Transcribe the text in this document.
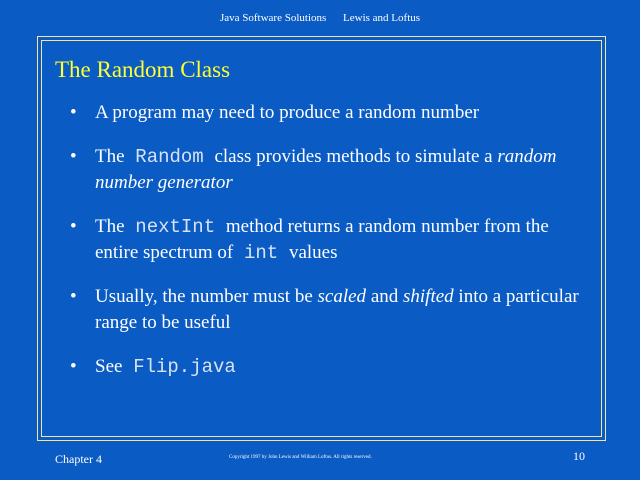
Java Software Solutions Lewis and Loftus
The Random Class
• A program may need to produce a random number
• The Random class provides methods to simulate a random number generator
• The nextInt method returns a random number from the entire spectrum of int values
• Usually, the number must be scaled and shifted into a particular range to be useful
• See Flip.java
Chapter 4	Copyright 1997 by John Lewis and William Loftus. All rights reserved.	10
